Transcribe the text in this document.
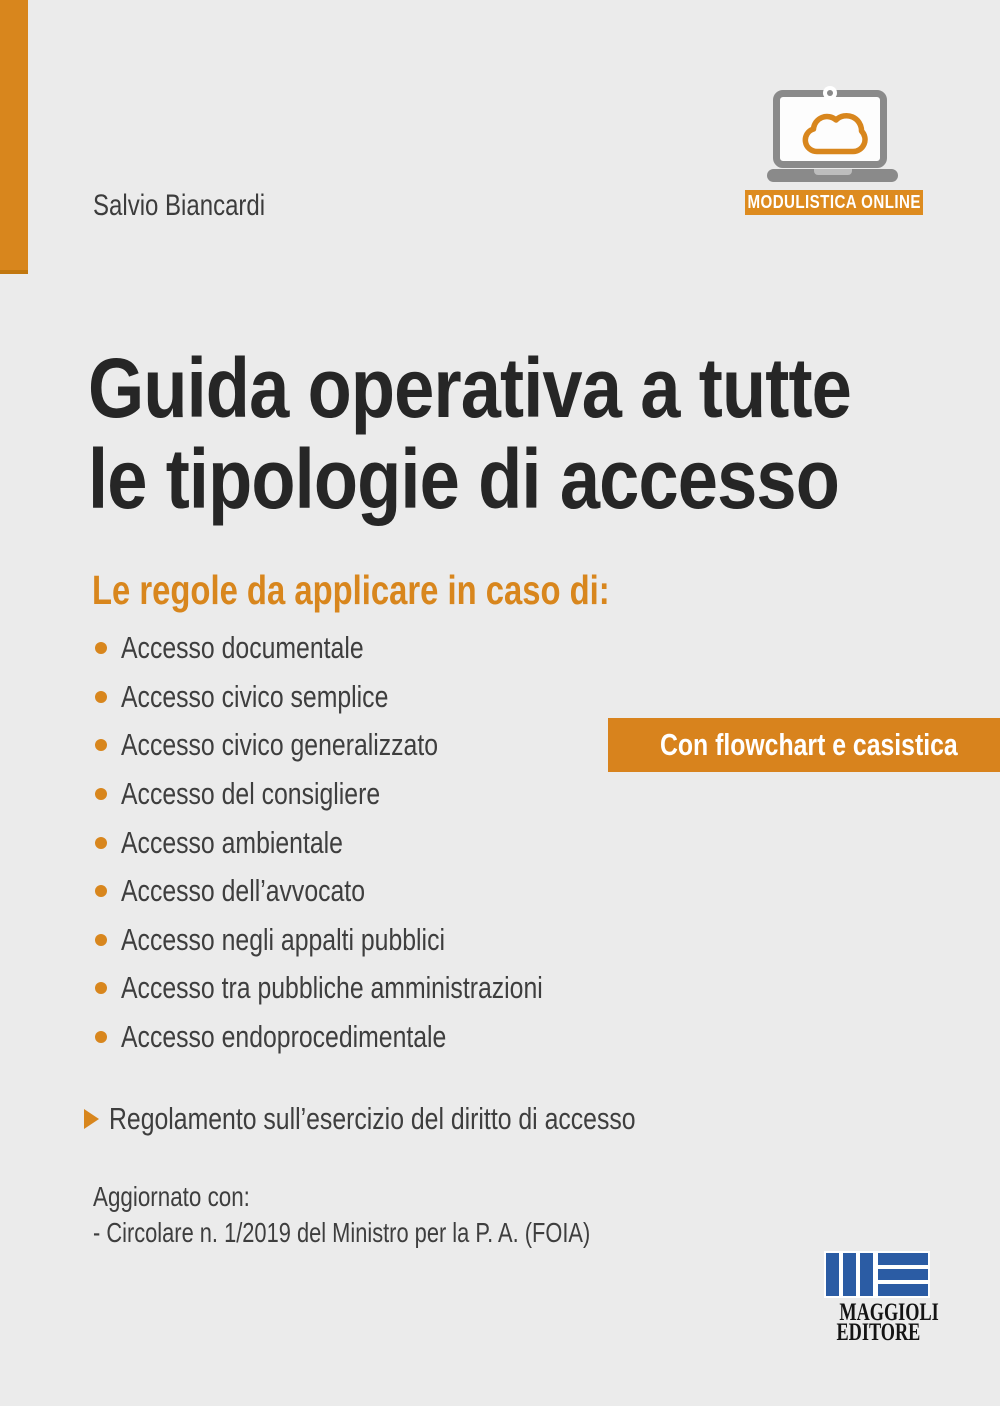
Salvio Biancardi	MODULISTICA ONLINE
Guida operativa a tutte
le tipologie di accesso
Le regole da applicare in caso di:
Accesso documentale
Accesso civico semplice
Accesso civico generalizzato
Accesso del consigliere
Accesso ambientale
Accesso dell’avvocato
Accesso negli appalti pubblici
Accesso tra pubbliche amministrazioni
Accesso endoprocedimentale
Con flowchart e casistica
Regolamento sull’esercizio del diritto di accesso
Aggiornato con:
- Circolare n. 1/2019 del Ministro per la P. A. (FOIA)
MAGGIOLI
EDITORE
